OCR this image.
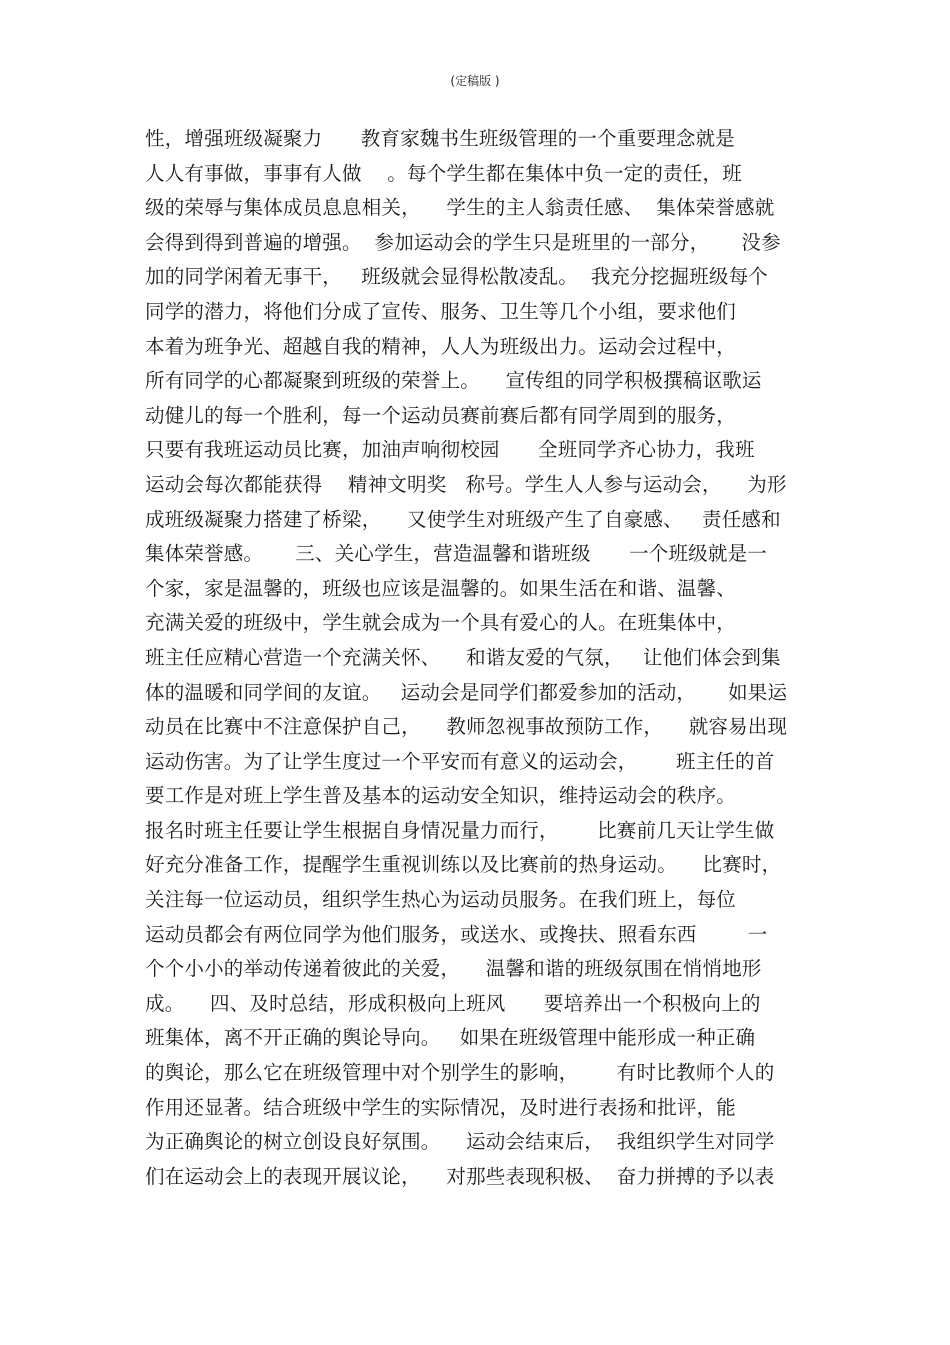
(定稿版 )
性，增强班级凝聚力      教育家魏书生班级管理的一个重要理念就是
人人有事做，事事有人做    。每个学生都在集体中负一定的责任，班
级的荣辱与集体成员息息相关，    学生的主人翁责任感、  集体荣誉感就
会得到得到普遍的增强。  参加运动会的学生只是班里的一部分，     没参
加的同学闲着无事干，   班级就会显得松散凌乱。  我充分挖掘班级每个
同学的潜力，将他们分成了宣传、服务、卫生等几个小组，要求他们
本着为班争光、超越自我的精神，人人为班级出力。运动会过程中，
所有同学的心都凝聚到班级的荣誉上。    宣传组的同学积极撰稿讴歌运
动健儿的每一个胜利，每一个运动员赛前赛后都有同学周到的服务，
只要有我班运动员比赛，加油声响彻校园      全班同学齐心协力，我班
运动会每次都能获得    精神文明奖   称号。学生人人参与运动会，    为形
成班级凝聚力搭建了桥梁，    又使学生对班级产生了自豪感、   责任感和
集体荣誉感。     三、关心学生，营造温馨和谐班级      一个班级就是一
个家，家是温馨的，班级也应该是温馨的。如果生活在和谐、温馨、
充满关爱的班级中，学生就会成为一个具有爱心的人。在班集体中，
班主任应精心营造一个充满关怀、    和谐友爱的气氛，   让他们体会到集
体的温暖和同学间的友谊。   运动会是同学们都爱参加的活动，     如果运
动员在比赛中不注意保护自己，    教师忽视事故预防工作，    就容易出现
运动伤害。为了让学生度过一个平安而有意义的运动会，      班主任的首
要工作是对班上学生普及基本的运动安全知识，维持运动会的秩序。
报名时班主任要让学生根据自身情况量力而行，      比赛前几天让学生做
好充分准备工作，提醒学生重视训练以及比赛前的热身运动。    比赛时，
关注每一位运动员，组织学生热心为运动员服务。在我们班上，每位
运动员都会有两位同学为他们服务，或送水、或搀扶、照看东西        一
个个小小的举动传递着彼此的关爱，    温馨和谐的班级氛围在悄悄地形
成。    四、及时总结，形成积极向上班风      要培养出一个积极向上的
班集体，离不开正确的舆论导向。   如果在班级管理中能形成一种正确
的舆论，那么它在班级管理中对个别学生的影响，      有时比教师个人的
作用还显著。结合班级中学生的实际情况，及时进行表扬和批评，能
为正确舆论的树立创设良好氛围。    运动会结束后，  我组织学生对同学
们在运动会上的表现开展议论，    对那些表现积极、  奋力拼搏的予以表
